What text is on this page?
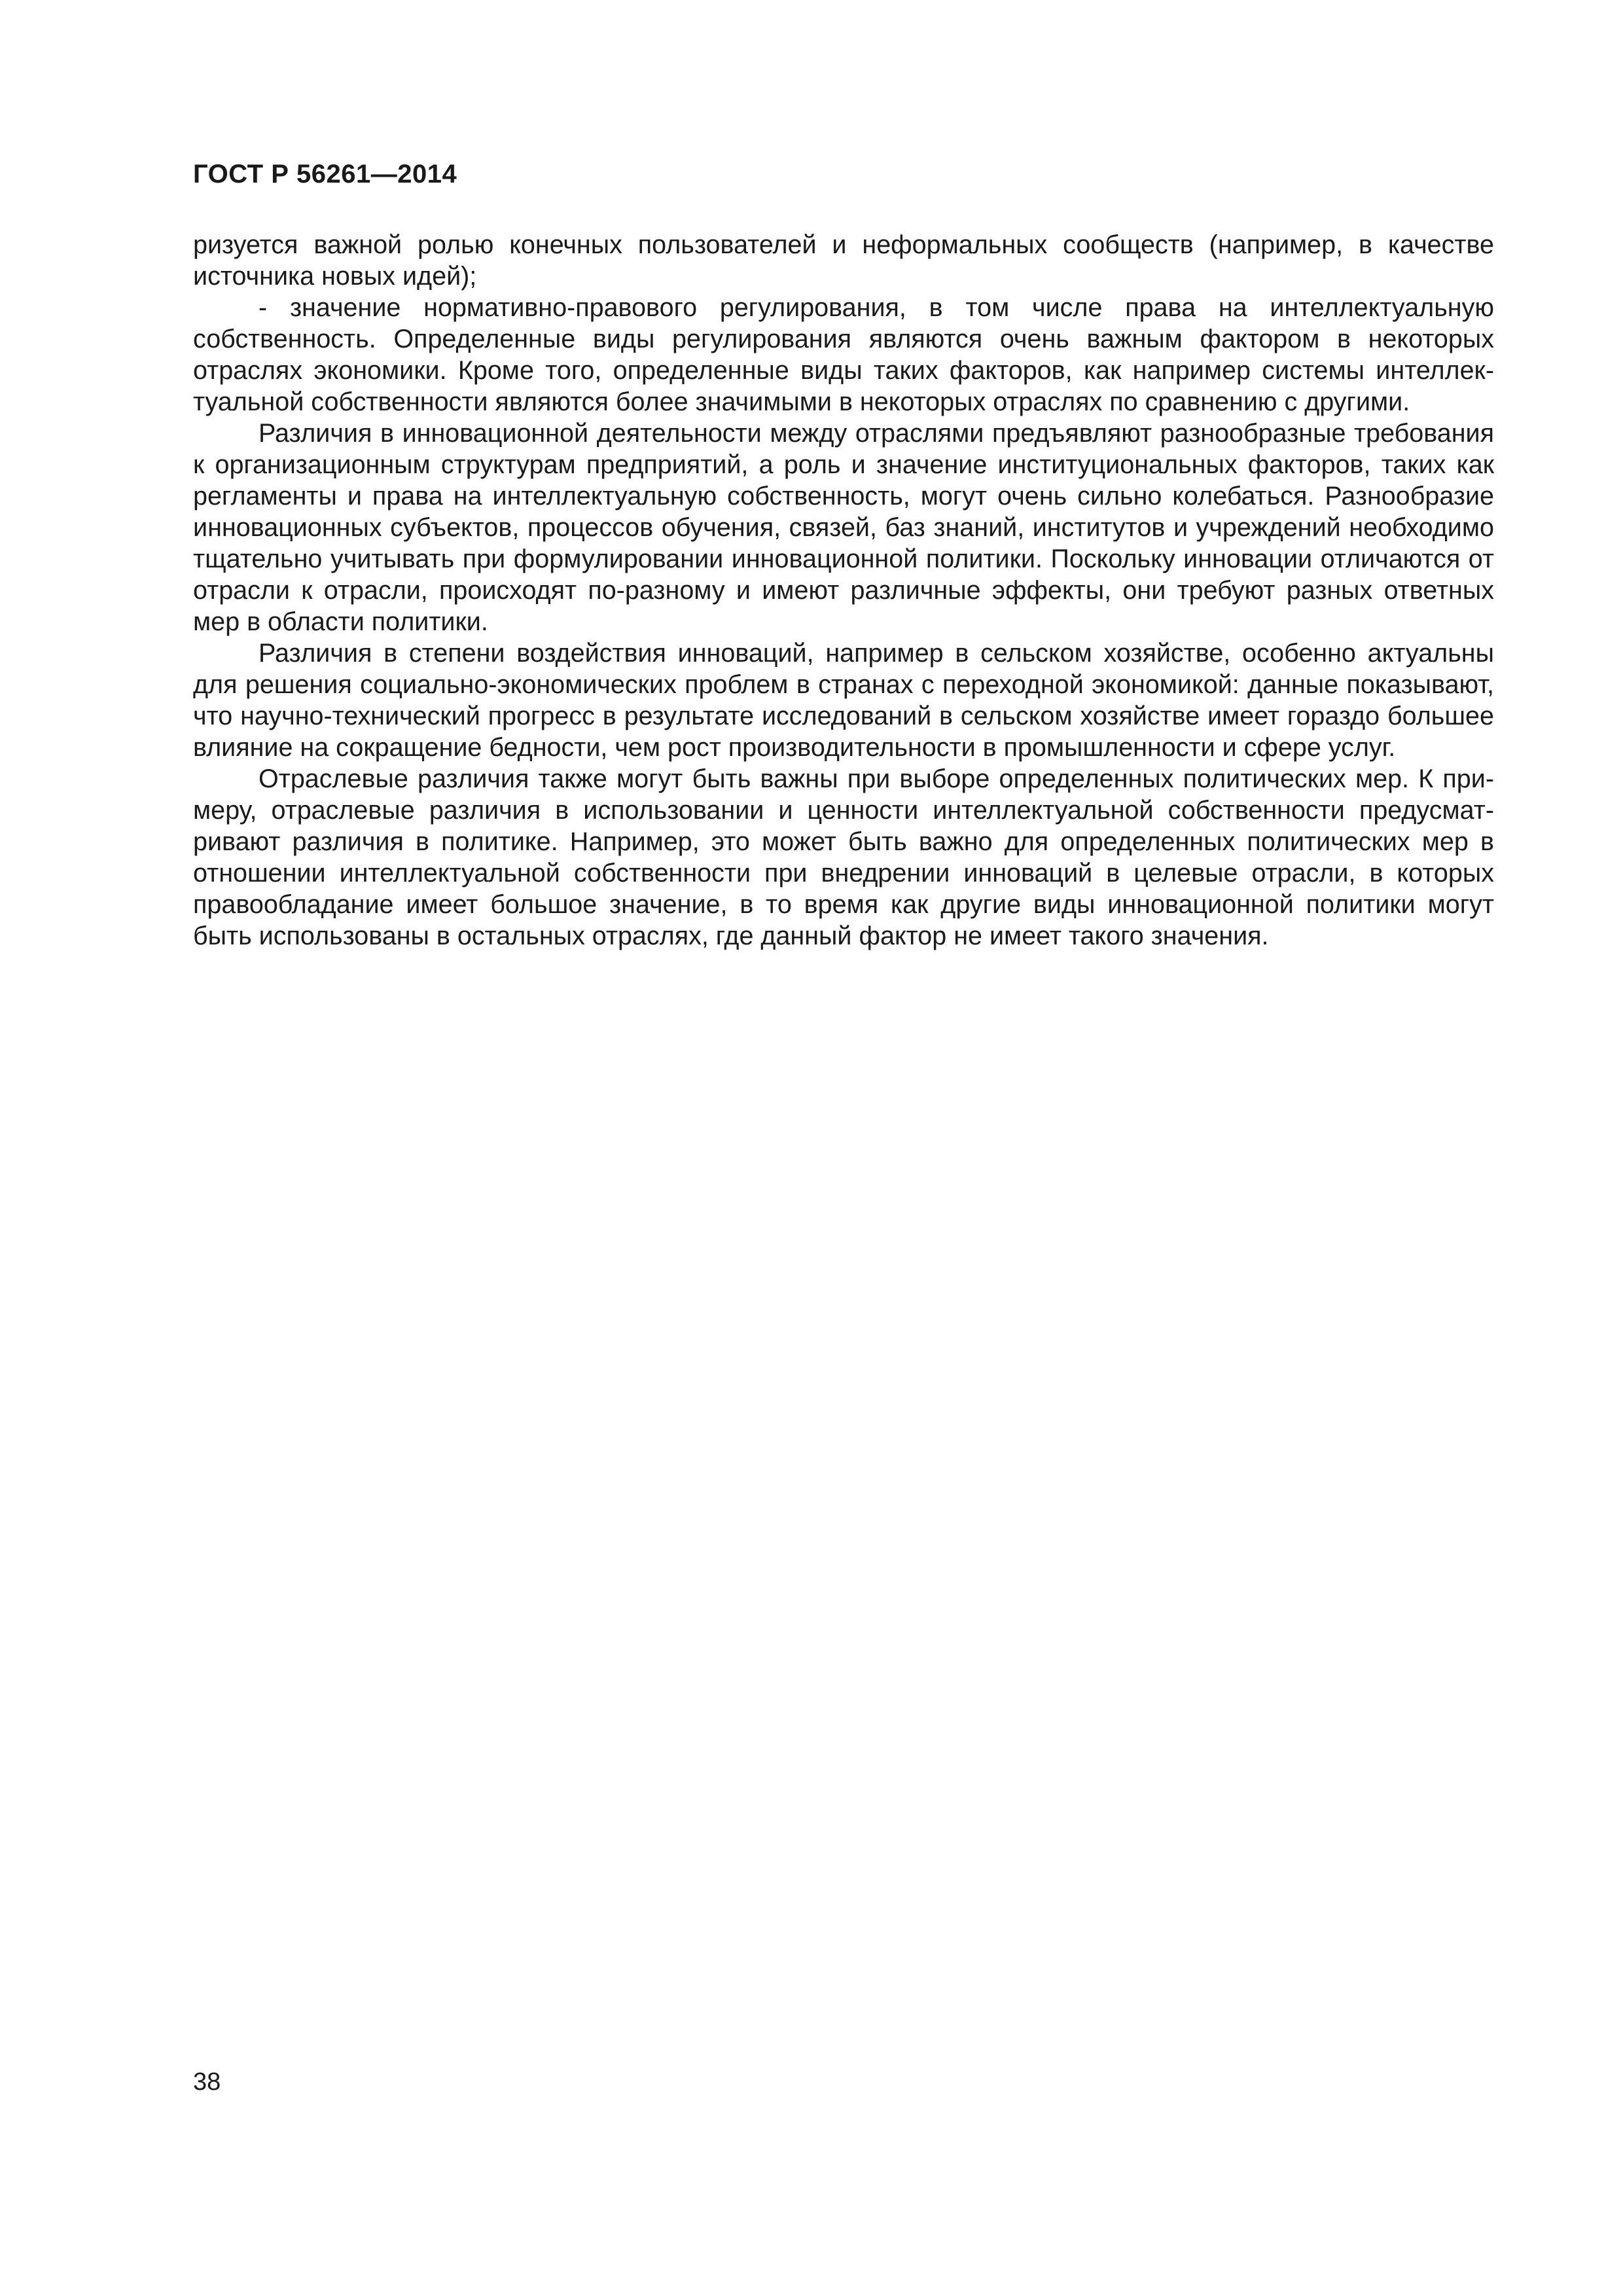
ГОСТ Р 56261—2014

ризуется важной ролью конечных пользователей и неформальных сообществ (например, в качестве источника новых идей);

- значение нормативно-правового регулирования, в том числе права на интеллектуальную собственность. Определенные виды регулирования являются очень важным фактором в некоторых отраслях экономики. Кроме того, определенные виды таких факторов, как например системы интеллектуальной собственности являются более значимыми в некоторых отраслях по сравнению с другими.

Различия в инновационной деятельности между отраслями предъявляют разнообразные требования к организационным структурам предприятий, а роль и значение институциональных факторов, таких как регламенты и права на интеллектуальную собственность, могут очень сильно колебаться. Разнообразие инновационных субъектов, процессов обучения, связей, баз знаний, институтов и учреждений необходимо тщательно учитывать при формулировании инновационной политики. Поскольку инновации отличаются от отрасли к отрасли, происходят по-разному и имеют различные эффекты, они требуют разных ответных мер в области политики.

Различия в степени воздействия инноваций, например в сельском хозяйстве, особенно актуальны для решения социально-экономических проблем в странах с переходной экономикой: данные показывают, что научно-технический прогресс в результате исследований в сельском хозяйстве имеет гораздо большее влияние на сокращение бедности, чем рост производительности в промышленности и сфере услуг.

Отраслевые различия также могут быть важны при выборе определенных политических мер. К примеру, отраслевые различия в использовании и ценности интеллектуальной собственности предусматривают различия в политике. Например, это может быть важно для определенных политических мер в отношении интеллектуальной собственности при внедрении инноваций в целевые отрасли, в которых правообладание имеет большое значение, в то время как другие виды инновационной политики могут быть использованы в остальных отраслях, где данный фактор не имеет такого значения.

38
